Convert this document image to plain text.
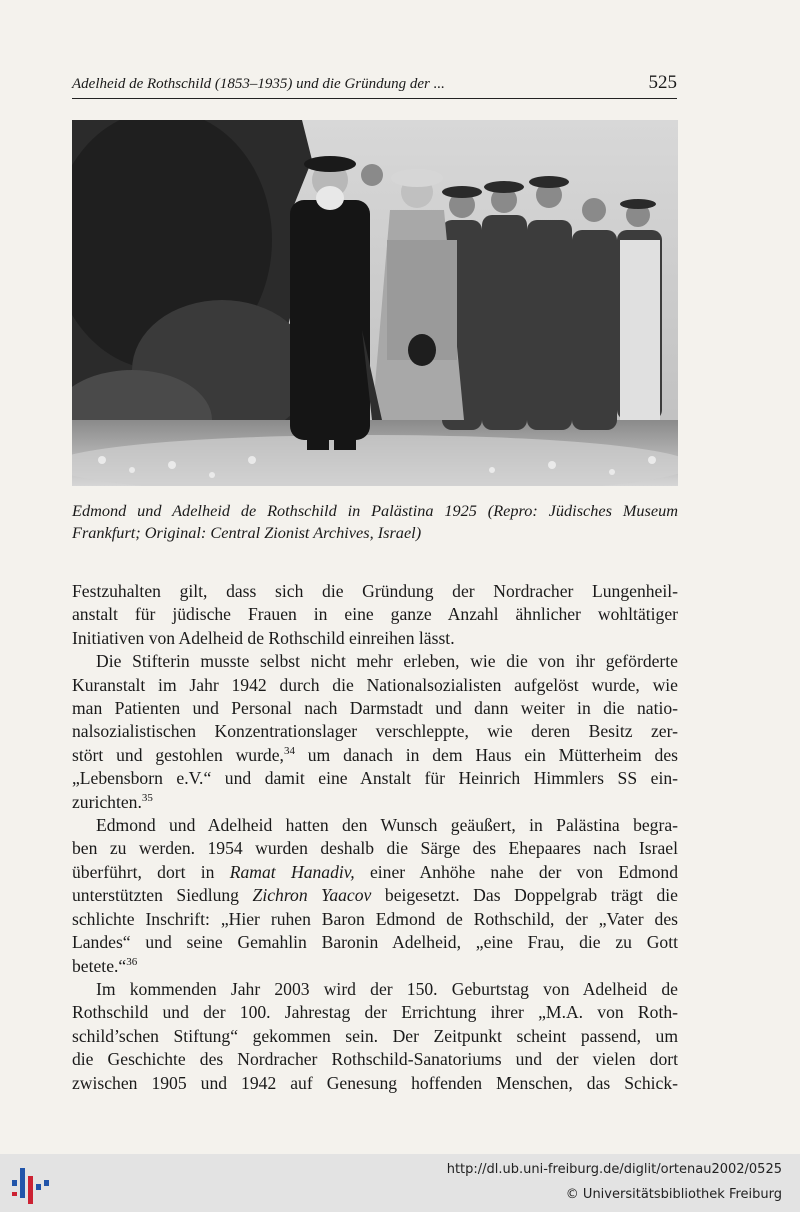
Adelheid de Rothschild (1853–1935) und die Gründung der ...	525
Edmond und Adelheid de Rothschild in Palästina 1925 (Repro: Jüdisches Museum Frankfurt; Original: Central Zionist Archives, Israel)

Festzuhalten gilt, dass sich die Gründung der Nordracher Lungenheil-
anstalt für jüdische Frauen in eine ganze Anzahl ähnlicher wohltätiger
Initiativen von Adelheid de Rothschild einreihen lässt.

Die Stifterin musste selbst nicht mehr erleben, wie die von ihr geförderte
Kuranstalt im Jahr 1942 durch die Nationalsozialisten aufgelöst wurde, wie
man Patienten und Personal nach Darmstadt und dann weiter in die natio-
nalsozialistischen Konzentrationslager verschleppte, wie deren Besitz zer-
stört und gestohlen wurde,$^{34}$ um danach in dem Haus ein Mütterheim des
„Lebensborn e.V.“ und damit eine Anstalt für Heinrich Himmlers SS ein-
zurichten.$^{35}$

Edmond und Adelheid hatten den Wunsch geäußert, in Palästina begra-
ben zu werden. 1954 wurden deshalb die Särge des Ehepaares nach Israel
überführt, dort in Ramat Hanadiv, einer Anhöhe nahe der von Edmond
unterstützten Siedlung Zichron Yaacov beigesetzt. Das Doppelgrab trägt die
schlichte Inschrift: „Hier ruhen Baron Edmond de Rothschild, der „Vater des
Landes“ und seine Gemahlin Baronin Adelheid, „eine Frau, die zu Gott
betete.“$^{36}$

Im kommenden Jahr 2003 wird der 150. Geburtstag von Adelheid de
Rothschild und der 100. Jahrestag der Errichtung ihrer „M.A. von Roth-
schild’schen Stiftung“ gekommen sein. Der Zeitpunkt scheint passend, um
die Geschichte des Nordracher Rothschild-Sanatoriums und der vielen dort
zwischen 1905 und 1942 auf Genesung hoffenden Menschen, das Schick-

http://dl.ub.uni-freiburg.de/diglit/ortenau2002/0525
© Universitätsbibliothek Freiburg
